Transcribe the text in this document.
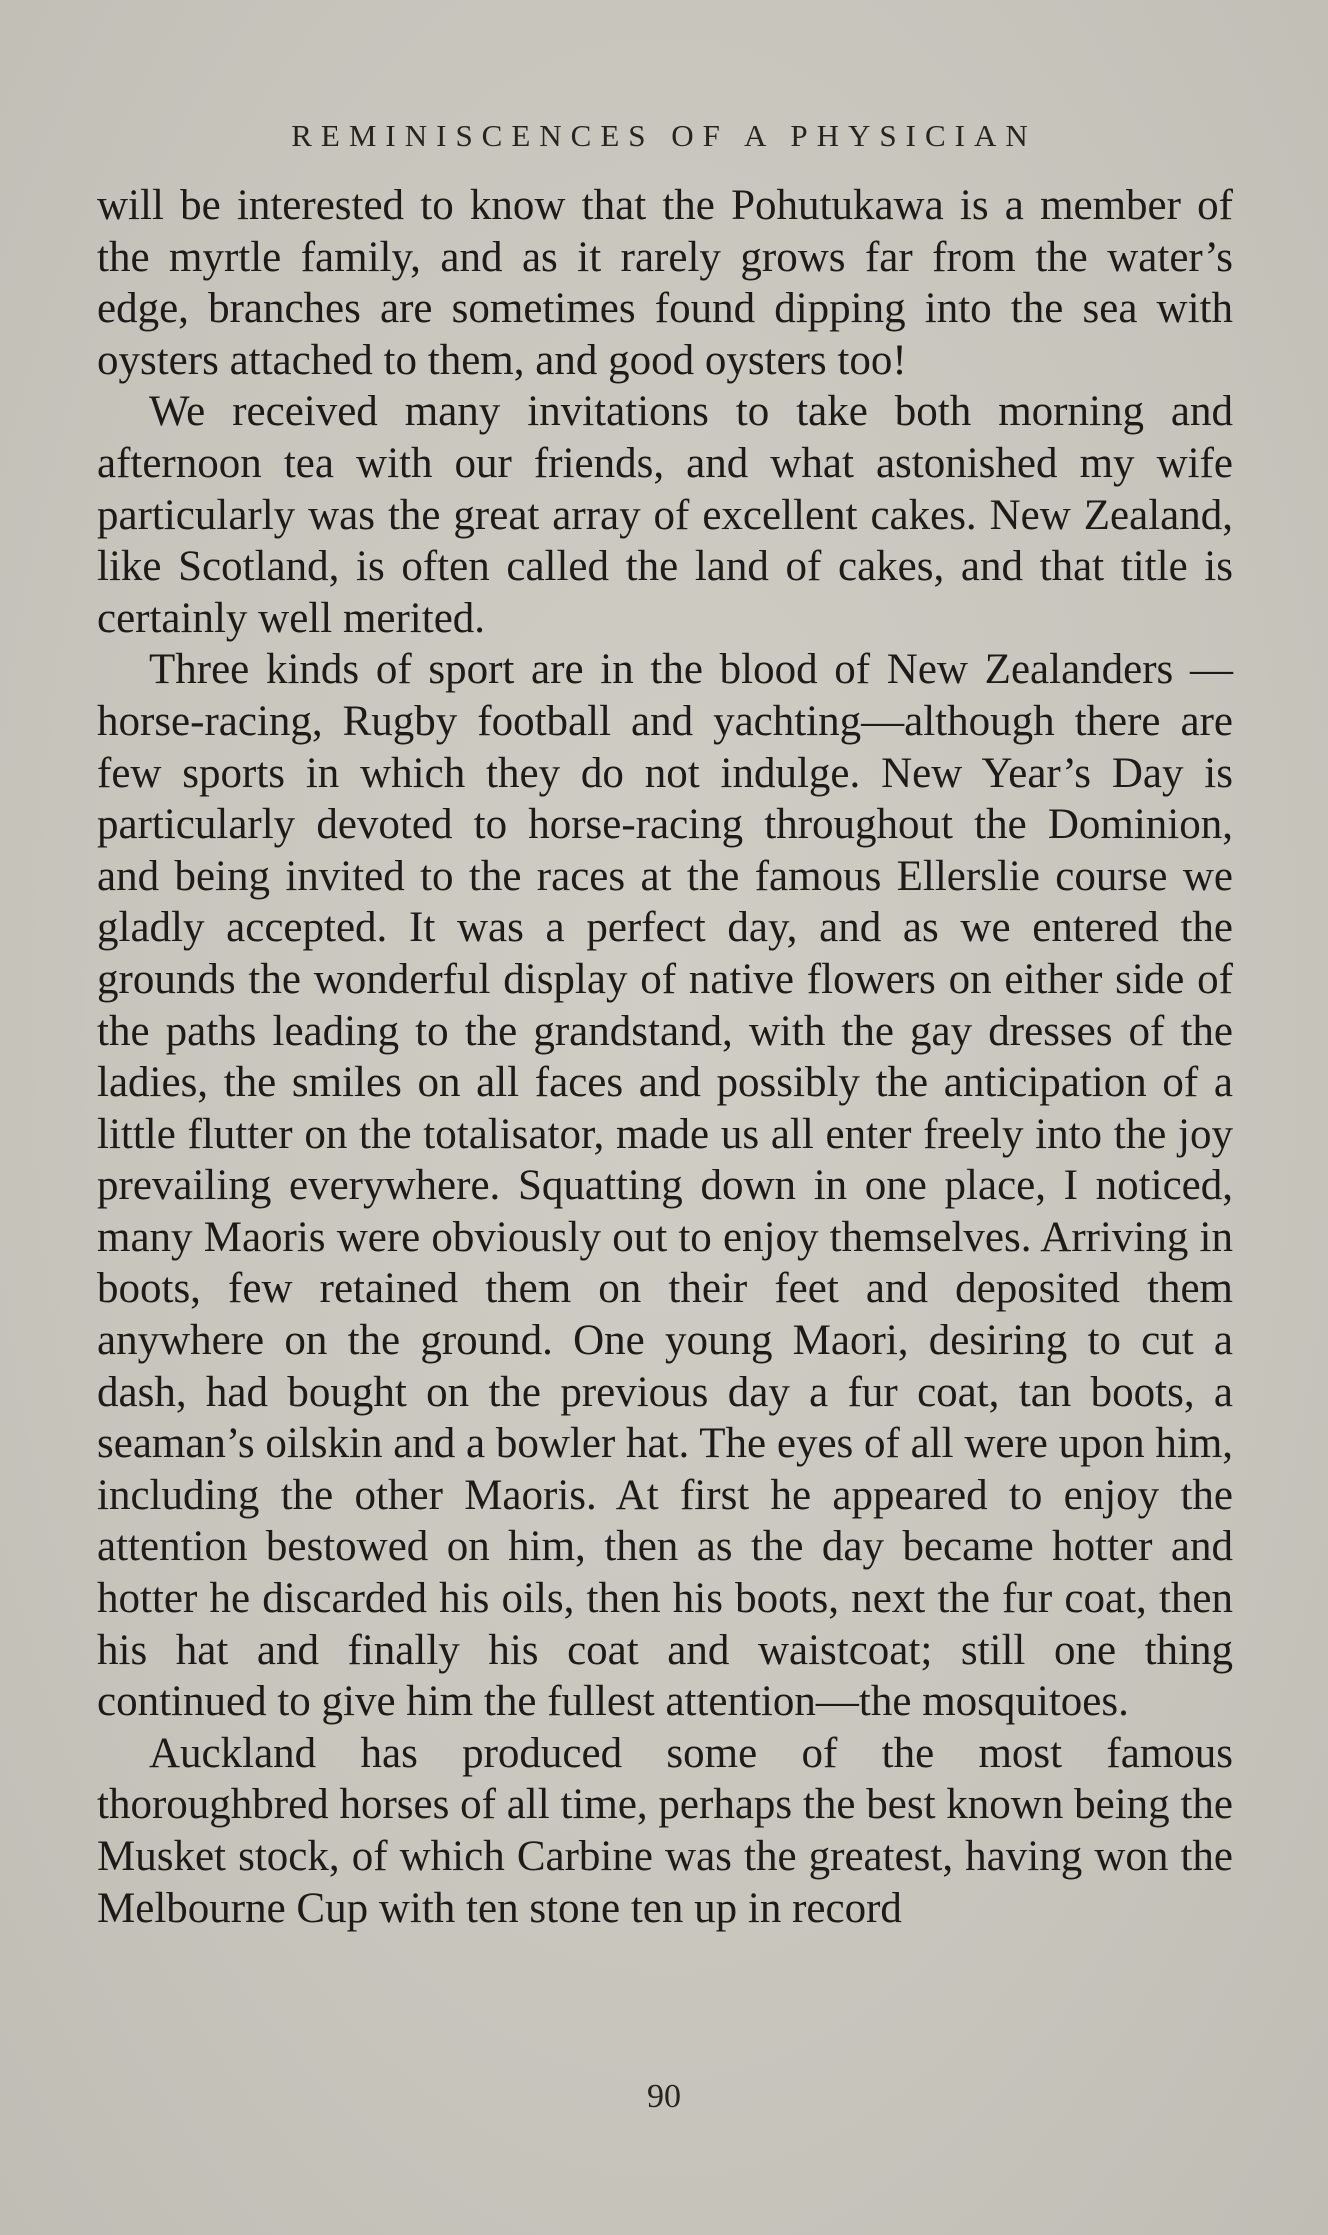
REMINISCENCES OF A PHYSICIAN

will be interested to know that the Pohutukawa is a member of the myrtle family, and as it rarely grows far from the water’s edge, branches are sometimes found dipping into the sea with oysters attached to them, and good oysters too!

We received many invitations to take both morning and afternoon tea with our friends, and what astonished my wife particularly was the great array of excellent cakes. New Zealand, like Scotland, is often called the land of cakes, and that title is certainly well merited.

Three kinds of sport are in the blood of New Zealanders —horse-racing, Rugby football and yachting—although there are few sports in which they do not indulge. New Year’s Day is particularly devoted to horse-racing throughout the Dominion, and being invited to the races at the famous Ellerslie course we gladly accepted. It was a perfect day, and as we entered the grounds the wonderful display of native flowers on either side of the paths leading to the grandstand, with the gay dresses of the ladies, the smiles on all faces and possibly the anticipation of a little flutter on the totalisator, made us all enter freely into the joy prevailing everywhere. Squatting down in one place, I noticed, many Maoris were obviously out to enjoy themselves. Arriving in boots, few retained them on their feet and deposited them anywhere on the ground. One young Maori, desiring to cut a dash, had bought on the previous day a fur coat, tan boots, a seaman’s oilskin and a bowler hat. The eyes of all were upon him, including the other Maoris. At first he appeared to enjoy the attention bestowed on him, then as the day became hotter and hotter he discarded his oils, then his boots, next the fur coat, then his hat and finally his coat and waistcoat; still one thing continued to give him the fullest attention—the mosquitoes.

Auckland has produced some of the most famous thoroughbred horses of all time, perhaps the best known being the Musket stock, of which Carbine was the greatest, having won the Melbourne Cup with ten stone ten up in record

90
